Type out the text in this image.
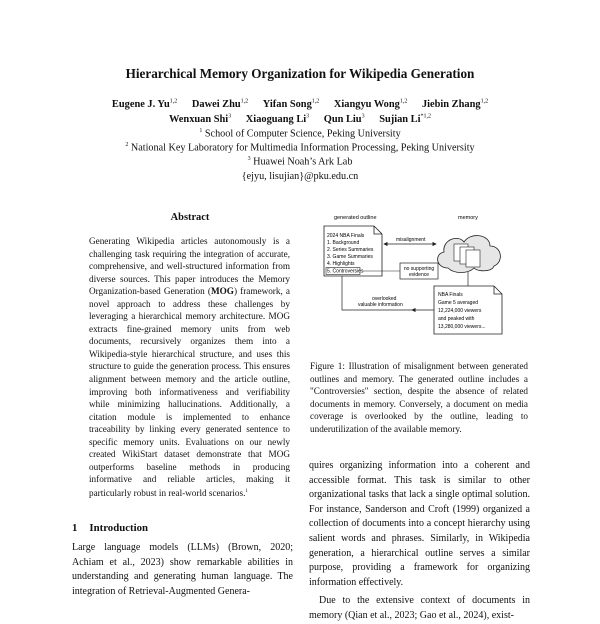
Hierarchical Memory Organization for Wikipedia Generation
Eugene J. Yu$^{1,2}$ Dawei Zhu$^{1,2}$ Yifan Song$^{1,2}$ Xiangyu Wong$^{1,2}$ Jiebin Zhang$^{1,2}$
Wenxuan Shi$^3$ Xiaoguang Li$^3$ Qun Liu$^3$ Sujian Li$^{*1,2}$
$^1$ School of Computer Science, Peking University
$^2$ National Key Laboratory for Multimedia Information Processing, Peking University
$^3$ Huawei Noah’s Ark Lab
{ejyu, lisujian}@pku.edu.cn
Abstract
Generating Wikipedia articles autonomously is a challenging task requiring the integration of accurate, comprehensive, and well-structured information from diverse sources. This paper introduces the Memory Organization-based Generation (MOG) framework, a novel approach to address these challenges by leveraging a hierarchical memory architecture. MOG extracts fine-grained memory units from web documents, recursively organizes them into a Wikipedia-style hierarchical structure, and uses this structure to guide the generation process. This ensures alignment between memory and the article outline, improving both informativeness and verifiability while minimizing hallucinations. Additionally, a citation module is implemented to enhance traceability by linking every generated sentence to specific memory units. Evaluations on our newly created WikiStart dataset demonstrate that MOG outperforms baseline methods in producing informative and reliable articles, making it particularly robust in real-world scenarios.$^1$
1 Introduction
Large language models (LLMs) (Brown, 2020; Achiam et al., 2023) show remarkable abilities in understanding and generating human language. The integration of Retrieval-Augmented Genera-
generated outline	memory
2024 NBA Finals
1. Background
2. Series Summaries
3. Game Summaries
4. Highlights
5. Controversies
misalignment
no supporting
evidence
NBA Finals
Game 5 averaged
12,224,000 viewers
and peaked with
13,280,000 viewers...
overlooked
valuable information
Figure 1: Illustration of misalignment between generated outlines and memory. The generated outline includes a "Controversies" section, despite the absence of related documents in memory. Conversely, a document on media coverage is overlooked by the outline, leading to underutilization of the available memory.

quires organizing information into a coherent and accessible format. This task is similar to other organizational tasks that lack a single optimal solution. For instance, Sanderson and Croft (1999) organized a collection of documents into a concept hierarchy using salient words and phrases. Similarly, in Wikipedia generation, a hierarchical outline serves a similar purpose, providing a framework for organizing information effectively.

Due to the extensive context of documents in memory (Qian et al., 2023; Gao et al., 2024), exist-
